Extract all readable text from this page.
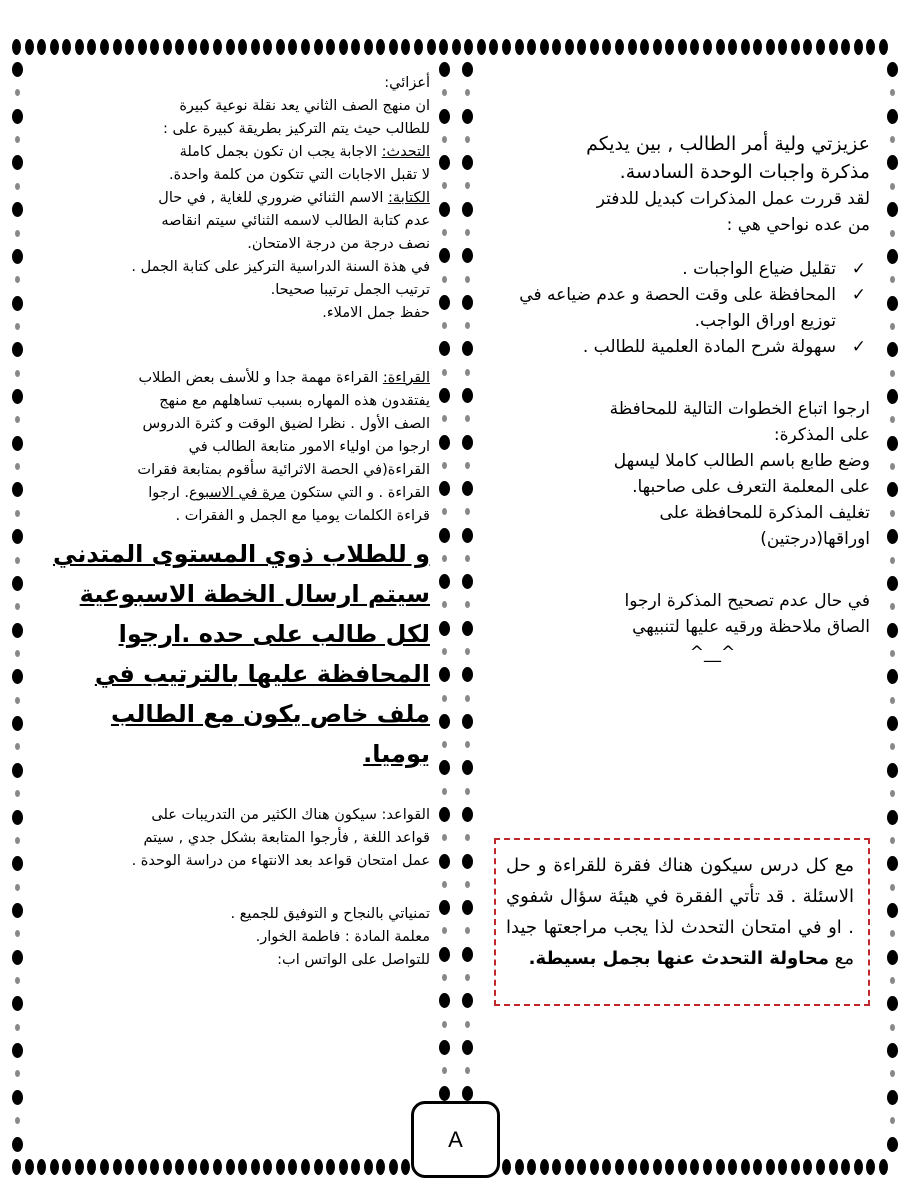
أعزائي:

ان منهج الصف الثاني يعد نقلة نوعية كبيرة

للطالب حيث يتم التركيز بطريقة كبيرة على :

التحدث: الاجابة يجب ان تكون بجمل كاملة

لا تقبل الاجابات التي تتكون من كلمة واحدة.

الكتابة: الاسم الثنائي ضروري للغاية , في حال

عدم كتابة الطالب لاسمه الثنائي سيتم انقاصه

نصف درجة من درجة الامتحان.

في هذة السنة الدراسية التركيز على كتابة الجمل .

ترتيب الجمل ترتيبا صحيحا.

حفظ جمل الاملاء.

القراءة: القراءة مهمة جدا و للأسف بعض الطلاب

يفتقدون هذه المهاره بسبب تساهلهم مع منهج

الصف الأول . نظرا لضيق الوقت و كثرة الدروس

ارجوا من اولياء الامور متابعة الطالب في

القراءة(في الحصة الاثرائية سأقوم بمتابعة فقرات

القراءة . و التي ستكون مرة في الاسبوع. ارجوا

قراءة الكلمات يوميا مع الجمل و الفقرات .

و للطلاب ذوي المستوى المتدني سيتم ارسال الخطة الاسبوعية لكل طالب على حده .ارجوا المحافظة عليها بالترتيب في ملف خاص يكون مع الطالب يوميا.

القواعد: سيكون هناك الكثير من التدريبات على

قواعد اللغة , فأرجوا المتابعة بشكل جدي , سيتم

عمل امتحان قواعد بعد الانتهاء من دراسة الوحدة .

تمنياتي بالنجاح و التوفيق للجميع .

معلمة المادة : فاطمة الخوار.

للتواصل على الواتس اب:

عزيزتي ولية أمر الطالب , بين يديكم

مذكرة واجبات الوحدة السادسة.

لقد قررت عمل المذكرات كبديل للدفتر

من عده نواحي هي :

✓
تقليل ضياع الواجبات .
✓
المحافظة على وقت الحصة و عدم ضياعه في توزيع اوراق الواجب.
✓
سهولة شرح المادة العلمية للطالب .

ارجوا اتباع الخطوات التالية للمحافظة

على المذكرة:

وضع طابع باسم الطالب كاملا ليسهل

على المعلمة التعرف على صاحبها.

تغليف المذكرة للمحافظة على

اوراقها(درجتين)

في حال عدم تصحيح المذكرة ارجوا

الصاق ملاحظة ورقيه عليها لتنبيهي

^__^

مع كل درس سيكون هناك فقرة للقراءة و حل الاسئلة . قد تأتي الفقرة في هيئة سؤال شفوي . او في امتحان التحدث لذا يجب مراجعتها جيدا مع محاولة التحدث عنها بجمل بسيطة.
A
